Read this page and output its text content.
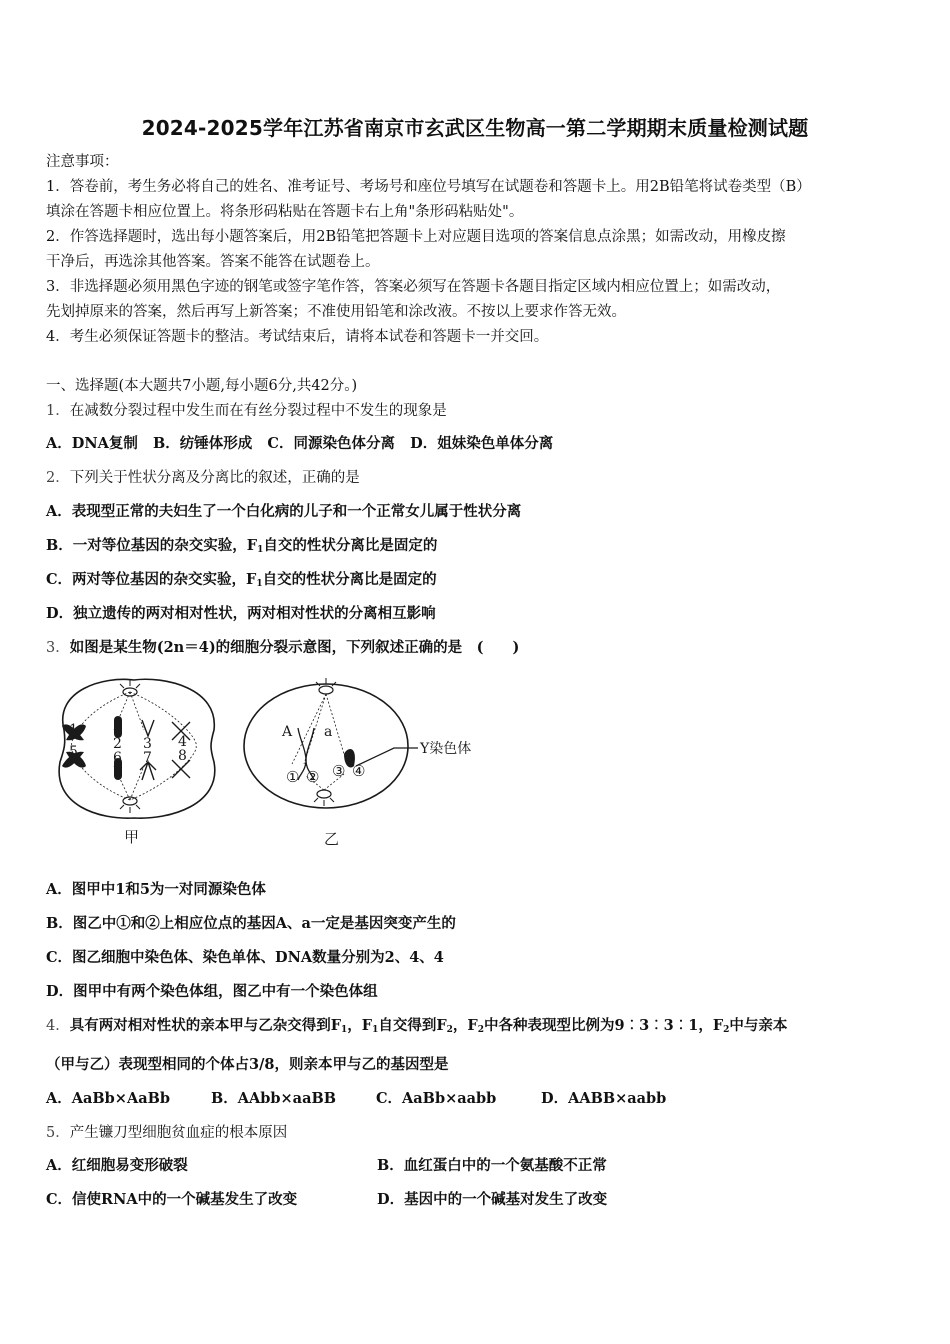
2024-2025学年江苏省南京市玄武区生物高一第二学期期末质量检测试题
注意事项：
1．答卷前，考生务必将自己的姓名、准考证号、考场号和座位号填写在试题卷和答题卡上。用2B铅笔将试卷类型（B）
填涂在答题卡相应位置上。将条形码粘贴在答题卡右上角"条形码粘贴处"。
2．作答选择题时，选出每小题答案后，用2B铅笔把答题卡上对应题目选项的答案信息点涂黑；如需改动，用橡皮擦
干净后，再选涂其他答案。答案不能答在试题卷上。
3．非选择题必须用黑色字迹的钢笔或签字笔作答，答案必须写在答题卡各题目指定区域内相应位置上；如需改动，
先划掉原来的答案，然后再写上新答案；不准使用铅笔和涂改液。不按以上要求作答无效。
4．考生必须保证答题卡的整洁。考试结束后，请将本试卷和答题卡一并交回。
一、选择题(本大题共7小题,每小题6分,共42分。)
1．在减数分裂过程中发生而在有丝分裂过程中不发生的现象是
A．DNA复制 B．纺锤体形成 C．同源染色体分离 D．姐妹染色单体分离
2．下列关于性状分离及分离比的叙述，正确的是
A．表现型正常的夫妇生了一个白化病的儿子和一个正常女儿属于性状分离
B．一对等位基因的杂交实验，$F_1$自交的性状分离比是固定的
C．两对等位基因的杂交实验，$F_1$自交的性状分离比是固定的
D．独立遗传的两对相对性状，两对相对性状的分离相互影响
3．如图是某生物(2n＝4)的细胞分裂示意图，下列叙述正确的是　(　　)
1
5	2
6
3
7
4
8
甲
A a
Y染色体
① ② ③ ④
乙
A．图甲中1和5为一对同源染色体
B．图乙中①和②上相应位点的基因A、a一定是基因突变产生的
C．图乙细胞中染色体、染色单体、DNA数量分别为2、4、4
D．图甲中有两个染色体组，图乙中有一个染色体组
4．具有两对相对性状的亲本甲与乙杂交得到$F_1$，$F_1$自交得到$F_2$，$F_2$中各种表现型比例为9︰3︰3︰1，$F_2$中与亲本
（甲与乙）表现型相同的个体占3/8，则亲本甲与乙的基因型是
A．AaBb×AaBb	B．AAbb×aaBB	C．AaBb×aabb	D．AABB×aabb
5．产生镰刀型细胞贫血症的根本原因
A．红细胞易变形破裂	B．血红蛋白中的一个氨基酸不正常
C．信使RNA中的一个碱基发生了改变	D．基因中的一个碱基对发生了改变
